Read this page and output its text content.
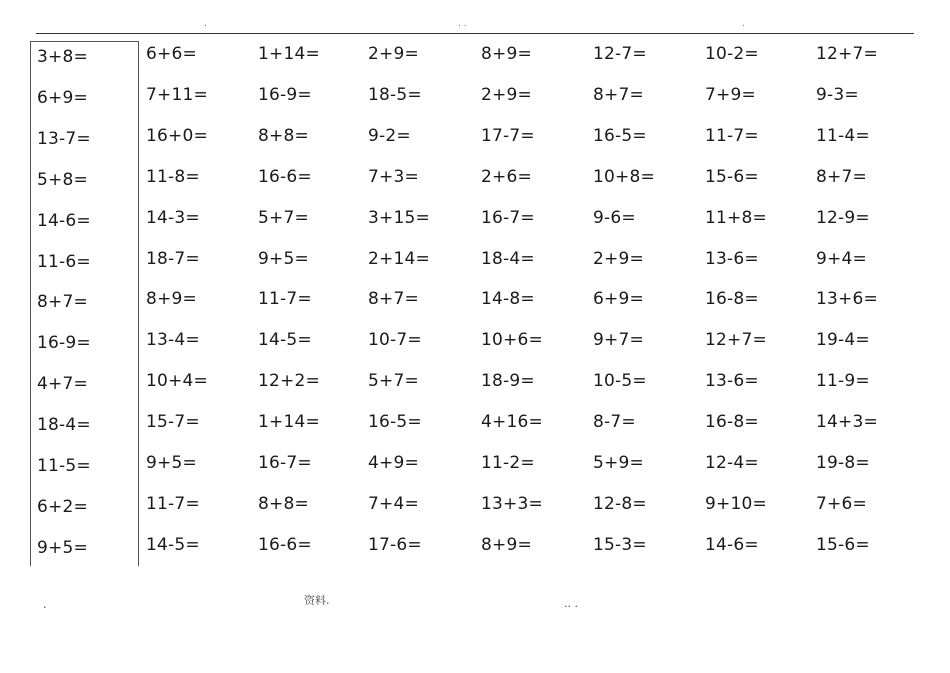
.	. .	.
3+8=	6+6=	1+14=	2+9=	8+9=	12-7=	10-2=	12+7=
6+9=	7+11=	16-9=	18-5=	2+9=	8+7=	7+9=	9-3=
13-7=	16+0=	8+8=	9-2=	17-7=	16-5=	11-7=	11-4=
5+8=	11-8=	16-6=	7+3=	2+6=	10+8=	15-6=	8+7=
14-6=	14-3=	5+7=	3+15=	16-7=	9-6=	11+8=	12-9=
11-6=	18-7=	9+5=	2+14=	18-4=	2+9=	13-6=	9+4=
8+7=	8+9=	11-7=	8+7=	14-8=	6+9=	16-8=	13+6=
16-9=	13-4=	14-5=	10-7=	10+6=	9+7=	12+7=	19-4=
4+7=	10+4=	12+2=	5+7=	18-9=	10-5=	13-6=	11-9=
18-4=	15-7=	1+14=	16-5=	4+16=	8-7=	16-8=	14+3=
11-5=	9+5=	16-7=	4+9=	11-2=	5+9=	12-4=	19-8=
6+2=	11-7=	8+8=	7+4=	13+3=	12-8=	9+10=	7+6=
9+5=	14-5=	16-6=	17-6=	8+9=	15-3=	14-6=	15-6=
.	资料.	.. .
